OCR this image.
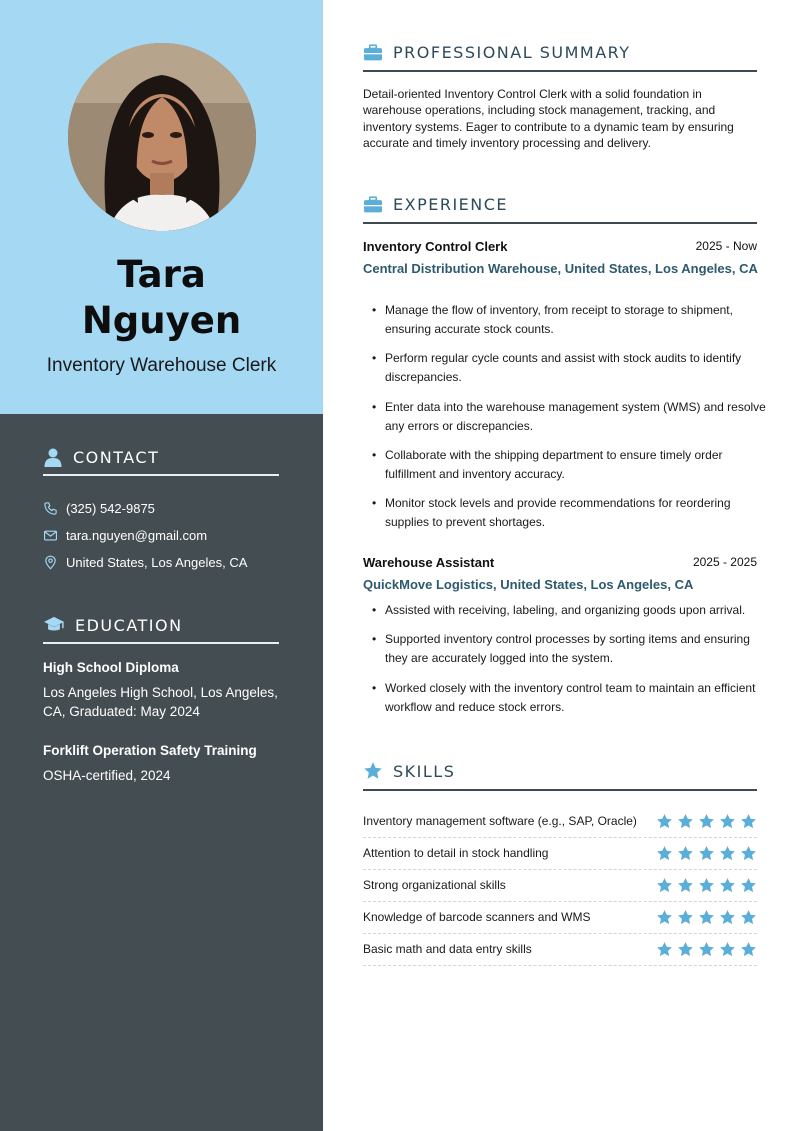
Tara
Nguyen
Inventory Warehouse Clerk
CONTACT
(325) 542-9875
tara.nguyen@gmail.com
United States, Los Angeles, CA
EDUCATION
High School Diploma
Los Angeles High School, Los Angeles, CA, Graduated: May 2024
Forklift Operation Safety Training
OSHA-certified, 2024
PROFESSIONAL SUMMARY
Detail-oriented Inventory Control Clerk with a solid foundation in warehouse operations, including stock management, tracking, and inventory systems. Eager to contribute to a dynamic team by ensuring accurate and timely inventory processing and delivery.
EXPERIENCE
Inventory Control Clerk	2025 - Now
Central Distribution Warehouse, United States, Los Angeles, CA
• Manage the flow of inventory, from receipt to storage to shipment, ensuring accurate stock counts.
• Perform regular cycle counts and assist with stock audits to identify discrepancies.
• Enter data into the warehouse management system (WMS) and resolve any errors or discrepancies.
• Collaborate with the shipping department to ensure timely order fulfillment and inventory accuracy.
• Monitor stock levels and provide recommendations for reordering supplies to prevent shortages.
Warehouse Assistant	2025 - 2025
QuickMove Logistics, United States, Los Angeles, CA
• Assisted with receiving, labeling, and organizing goods upon arrival.
• Supported inventory control processes by sorting items and ensuring they are accurately logged into the system.
• Worked closely with the inventory control team to maintain an efficient workflow and reduce stock errors.
SKILLS
Inventory management software (e.g., SAP, Oracle)
Attention to detail in stock handling
Strong organizational skills
Knowledge of barcode scanners and WMS
Basic math and data entry skills
